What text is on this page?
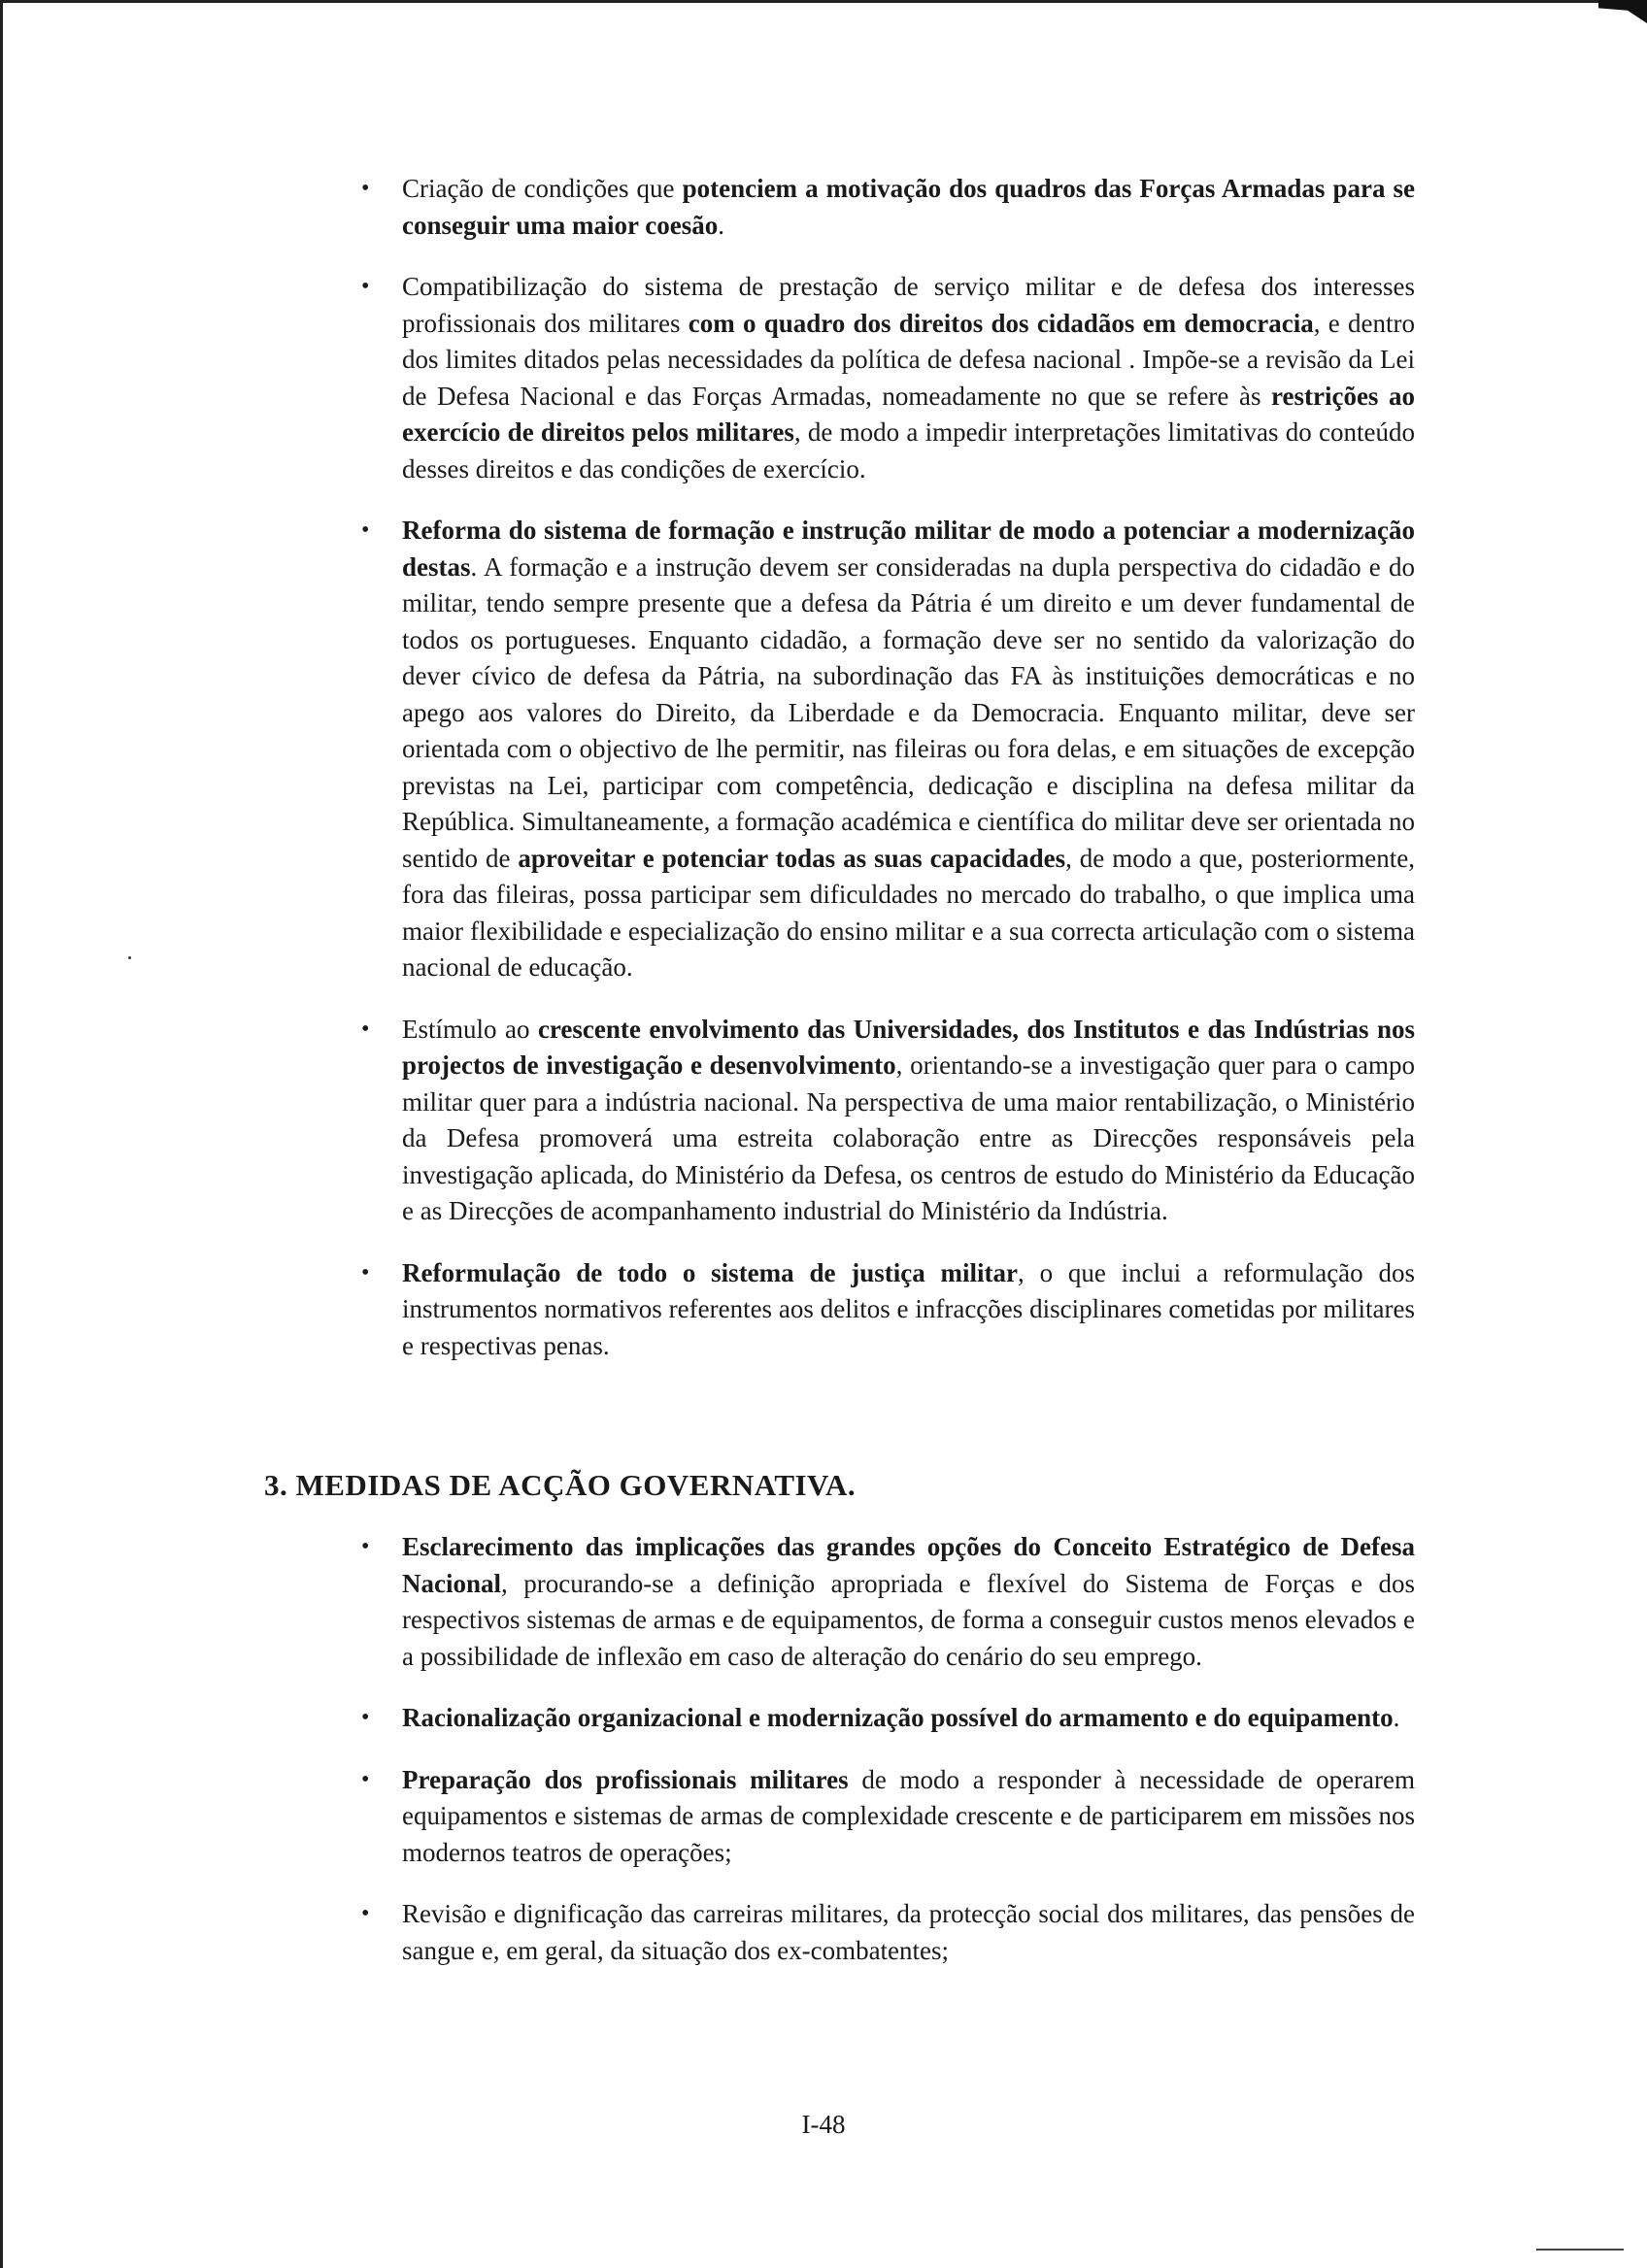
• Criação de condições que potenciem a motivação dos quadros das Forças Armadas para se conseguir uma maior coesão.
• Compatibilização do sistema de prestação de serviço militar e de defesa dos interesses profissionais dos militares com o quadro dos direitos dos cidadãos em democracia, e dentro dos limites ditados pelas necessidades da política de defesa nacional . Impõe-se a revisão da Lei de Defesa Nacional e das Forças Armadas, nomeadamente no que se refere às restrições ao exercício de direitos pelos militares, de modo a impedir interpretações limitativas do conteúdo desses direitos e das condições de exercício.
• Reforma do sistema de formação e instrução militar de modo a potenciar a modernização destas. A formação e a instrução devem ser consideradas na dupla perspectiva do cidadão e do militar, tendo sempre presente que a defesa da Pátria é um direito e um dever fundamental de todos os portugueses. Enquanto cidadão, a formação deve ser no sentido da valorização do dever cívico de defesa da Pátria, na subordinação das FA às instituições democráticas e no apego aos valores do Direito, da Liberdade e da Democracia. Enquanto militar, deve ser orientada com o objectivo de lhe permitir, nas fileiras ou fora delas, e em situações de excepção previstas na Lei, participar com competência, dedicação e disciplina na defesa militar da República. Simultaneamente, a formação académica e científica do militar deve ser orientada no sentido de aproveitar e potenciar todas as suas capacidades, de modo a que, posteriormente, fora das fileiras, possa participar sem dificuldades no mercado do trabalho, o que implica uma maior flexibilidade e especialização do ensino militar e a sua correcta articulação com o sistema nacional de educação.
• Estímulo ao crescente envolvimento das Universidades, dos Institutos e das Indústrias nos projectos de investigação e desenvolvimento, orientando-se a investigação quer para o campo militar quer para a indústria nacional. Na perspectiva de uma maior rentabilização, o Ministério da Defesa promoverá uma estreita colaboração entre as Direcções responsáveis pela investigação aplicada, do Ministério da Defesa, os centros de estudo do Ministério da Educação e as Direcções de acompanhamento industrial do Ministério da Indústria.
• Reformulação de todo o sistema de justiça militar, o que inclui a reformulação dos instrumentos normativos referentes aos delitos e infracções disciplinares cometidas por militares e respectivas penas.
3. MEDIDAS DE ACÇÃO GOVERNATIVA.
• Esclarecimento das implicações das grandes opções do Conceito Estratégico de Defesa Nacional, procurando-se a definição apropriada e flexível do Sistema de Forças e dos respectivos sistemas de armas e de equipamentos, de forma a conseguir custos menos elevados e a possibilidade de inflexão em caso de alteração do cenário do seu emprego.
• Racionalização organizacional e modernização possível do armamento e do equipamento.
• Preparação dos profissionais militares de modo a responder à necessidade de operarem equipamentos e sistemas de armas de complexidade crescente e de participarem em missões nos modernos teatros de operações;
• Revisão e dignificação das carreiras militares, da protecção social dos militares, das pensões de sangue e, em geral, da situação dos ex-combatentes;
I-48
